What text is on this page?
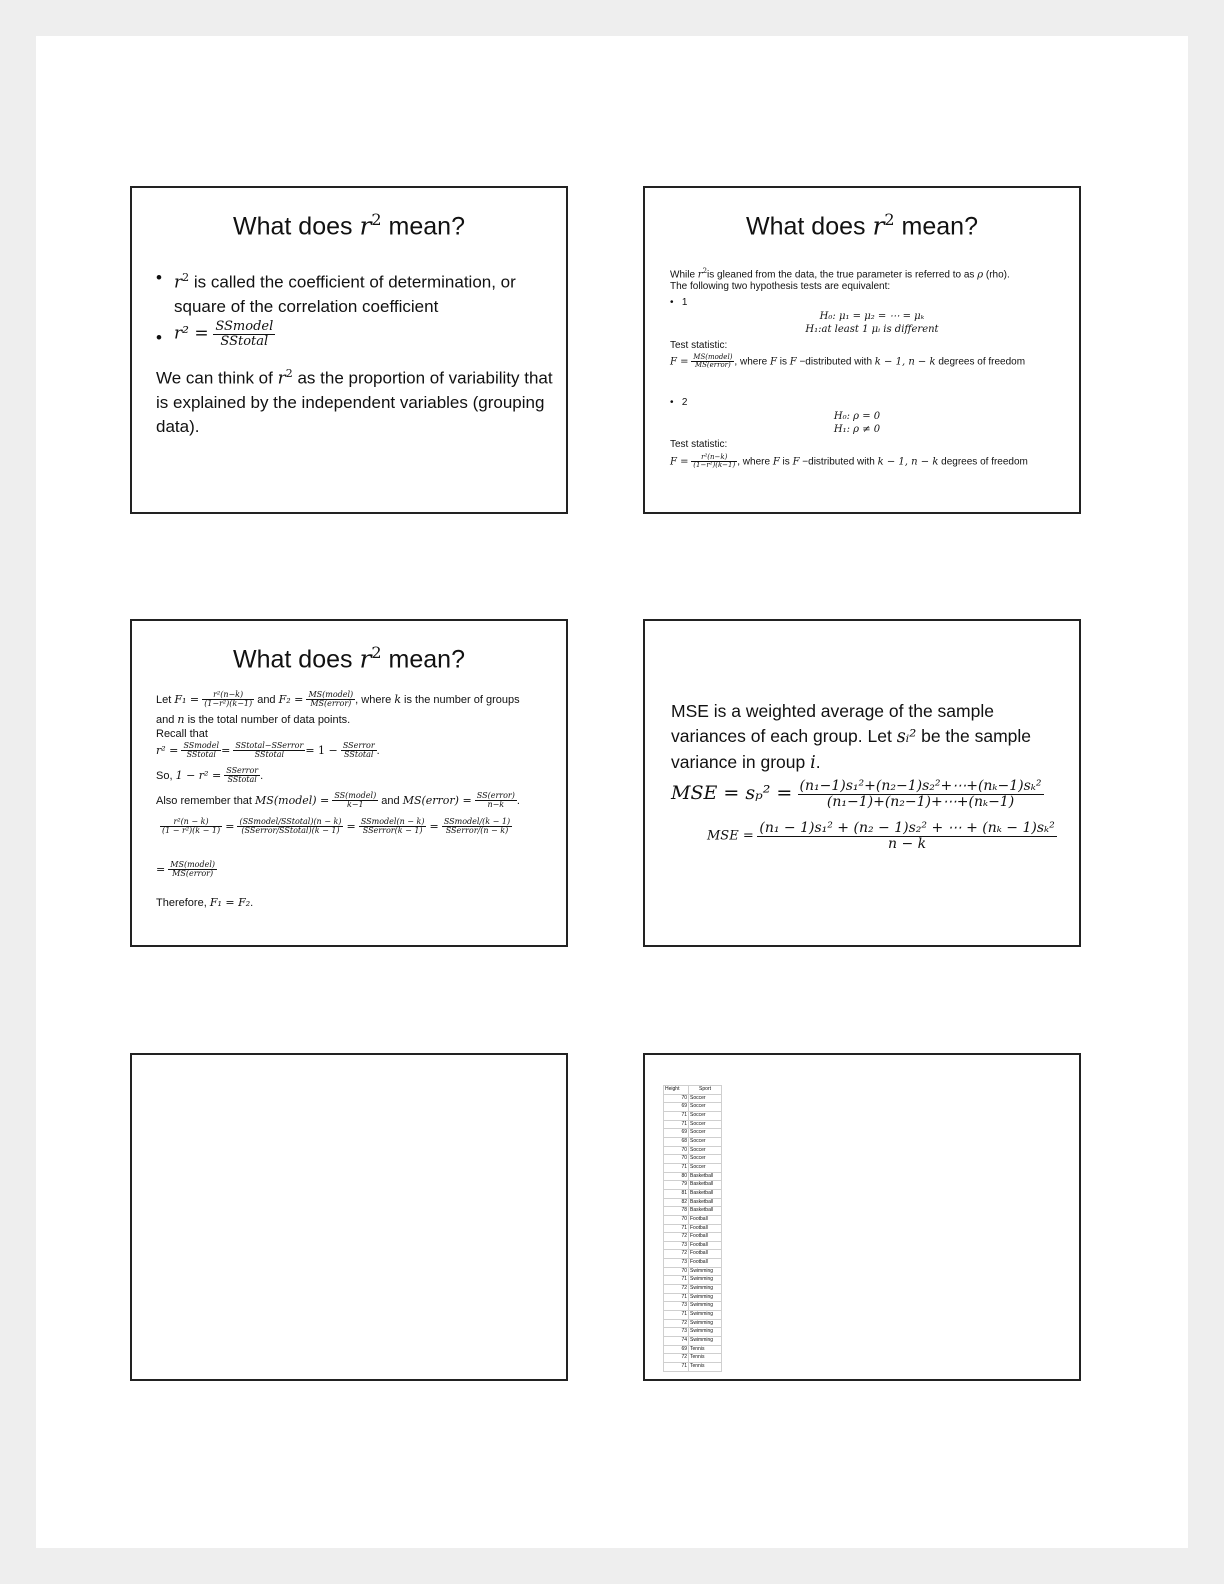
What does $r^2$ mean?
• $r^2$ is called the coefficient of determination, or square of the correlation coefficient
• $r^2 = \frac{\text{SSmodel}}{\text{SStotal}}$
We can think of $r^2$ as the proportion of variability that is explained by the independent variables (grouping data).
What does $r^2$ mean?
While $r^2is$ gleaned from the data, the true parameter is referred to as ρ (rho).
The following two hypothesis tests are equivalent:
• 1
H₀: μ₁ = μ₂ = ⋯ = μₖ
H₁:at least 1 μᵢ is different
Test statistic:
$F = \frac{\text{MS(model)}}{\text{MS(error)}}$ , where F is F −distributed with k − 1, n − k degrees of freedom
• 2
H₀: ρ = 0
H₁: ρ ≠ 0
Test statistic:
$F = \frac{\text{r²(n−k)}}{\text{(1−r²)(k−1)}}$ , where F is F −distributed with k − 1, n − k degrees of freedom
What does $r^2$ mean?
Let $F_1 = \frac{\text{r²(n−k)}}{\text{(1−r²)(k−1)}}$ and $F_2 = \frac{\text{MS(model)}}{\text{MS(error)}}$ , where k is the number of groups
and n is the total number of data points.
Recall that
$r^2 = \frac{\text{SSmodel}}{\text{SStotal}} = \frac{\text{SStotal−SSerror}}{\text{SStotal}} = 1 - \frac{\text{SSerror}}{\text{SStotal}}$ .
So, $1 - r^2 = \frac{\text{SSerror}}{\text{SStotal}}$ .
Also remember that MS(model) = $\frac{\text{SS(model)}}{k-1}$ and MS(error) = $\frac{\text{SS(error)}}{n-k}$ .
$\frac{\text{r²(n − k)}}{\text{(1 − r²)(k − 1)}} = \frac{\text{(SSmodel/SStotal)(n − k)}}{\text{(SSerror/SStotal)(k − 1)}} = \frac{\text{SSmodel(n − k)}}{\text{SSerror(k − 1)}} = \frac{\text{SSmodel/(k − 1)}}{\text{SSerror/(n − k)}}$
= $\frac{\text{MS(model)}}{\text{MS(error)}}$
Therefore, F₁ = F₂.
MSE is a weighted average of the sample variances of each group. Let sᵢ² be the sample variance in group i.
MSE = $s_p^2 = \frac{\text{(n₁−1)s₁²+(n₂−1)s₂²+⋯+(nₖ−1)sₖ²}}{\text{(n₁−1)+(n₂−1)+⋯+(nₖ−1)}}$
MSE = $\frac{\text{(n₁ − 1)s₁² + (n₂ − 1)s₂² + ⋯ + (nₖ − 1)sₖ²}}{n - k}$
Height	Sport
70	Soccer
69	Soccer
71	Soccer
71	Soccer
69	Soccer
68	Soccer
70	Soccer
70	Soccer
71	Soccer
80	Basketball
79	Basketball
81	Basketball
82	Basketball
78	Basketball
70	Football
71	Football
72	Football
73	Football
72	Football
73	Football
70	Swimming
71	Swimming
72	Swimming
71	Swimming
73	Swimming
71	Swimming
72	Swimming
73	Swimming
74	Swimming
69	Tennis
72	Tennis
71	Tennis
